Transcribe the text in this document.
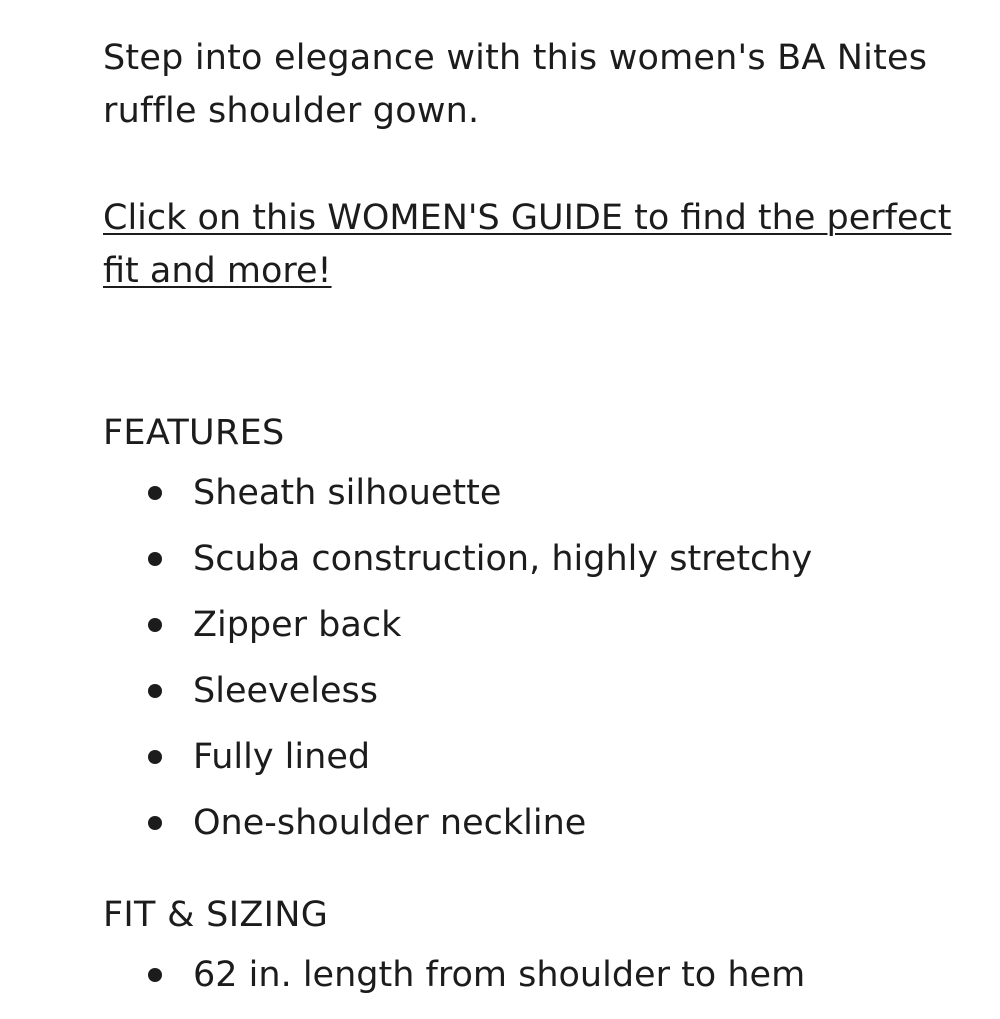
Step into elegance with this women's BA Nites ruffle shoulder gown.

Click on this WOMEN'S GUIDE to find the perfect fit and more!
FEATURES
Sheath silhouette
Scuba construction, highly stretchy
Zipper back
Sleeveless
Fully lined
One-shoulder neckline
FIT & SIZING
62 in. length from shoulder to hem
